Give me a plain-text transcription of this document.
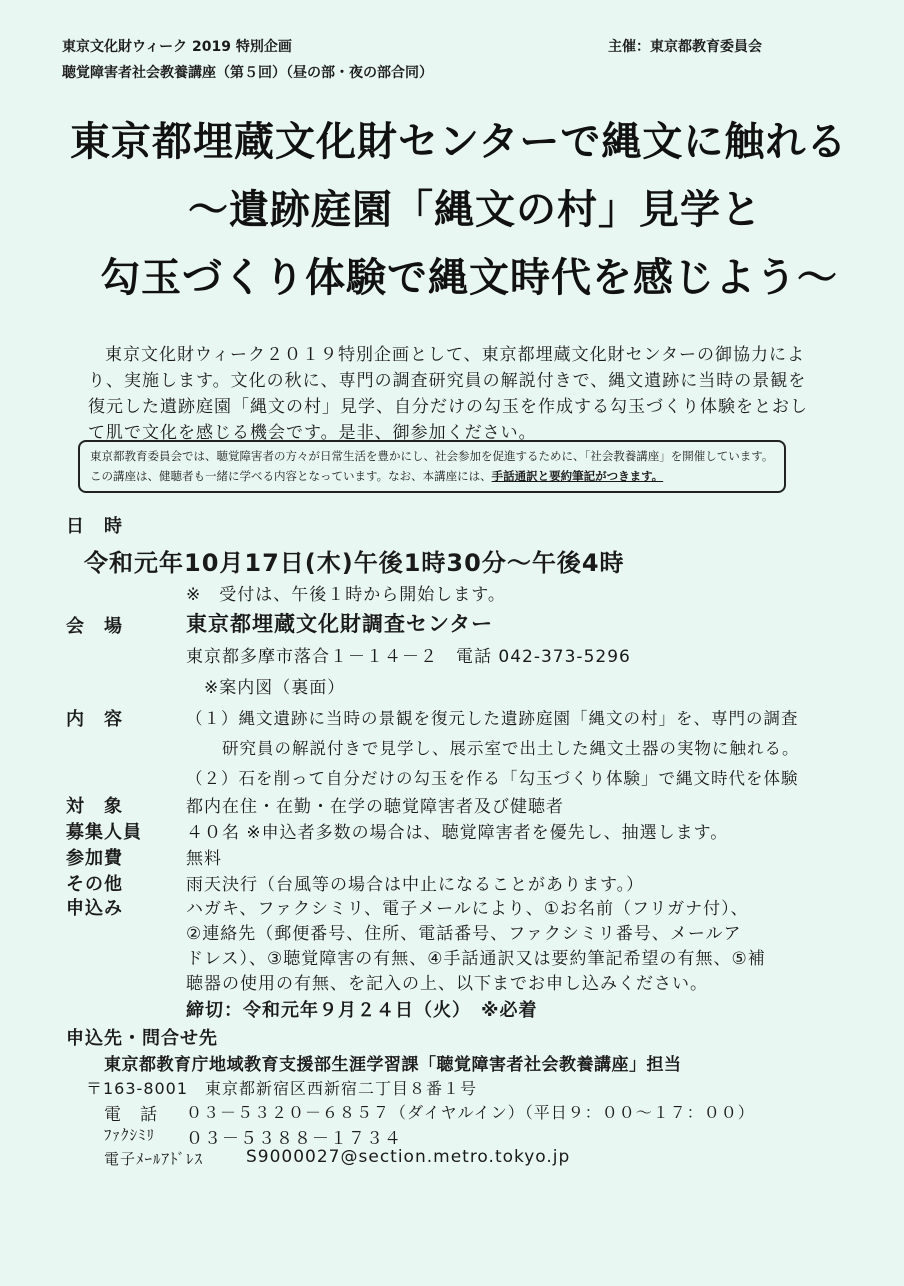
東京文化財ウィーク 2019 特別企画
聴覚障害者社会教養講座（第５回）（昼の部・夜の部合同）
主催：東京都教育委員会
東京都埋蔵文化財センターで縄文に触れる
～遺跡庭園「縄文の村」見学と
勾玉づくり体験で縄文時代を感じよう～

東京文化財ウィーク２０１９特別企画として、東京都埋蔵文化財センターの御協力により、実施します。文化の秋に、専門の調査研究員の解説付きで、縄文遺跡に当時の景観を復元した遺跡庭園「縄文の村」見学、自分だけの勾玉を作成する勾玉づくり体験をとおして肌で文化を感じる機会です。是非、御参加ください。

東京都教育委員会では、聴覚障害者の方々が日常生活を豊かにし、社会参加を促進するために、「社会教養講座」を開催しています。この講座は、健聴者も一緒に学べる内容となっています。なお、本講座には、手話通訳と要約筆記がつきます。
日　時
令和元年10月17日(木)午後1時30分～午後4時
※　受付は、午後１時から開始します。
会　場	東京都埋蔵文化財調査センター
東京都多摩市落合１－１４－２　電話 042-373-5296
※案内図（裏面）
内　容	（１）縄文遺跡に当時の景観を復元した遺跡庭園「縄文の村」を、専門の調査
研究員の解説付きで見学し、展示室で出土した縄文土器の実物に触れる。
（２）石を削って自分だけの勾玉を作る「勾玉づくり体験」で縄文時代を体験
対　象	都内在住・在勤・在学の聴覚障害者及び健聴者
募集人員	４０名 ※申込者多数の場合は、聴覚障害者を優先し、抽選します。
参加費	無料
その他	雨天決行（台風等の場合は中止になることがあります。）
申込み	ハガキ、ファクシミリ、電子メールにより、①お名前（フリガナ付）、
②連絡先（郵便番号、住所、電話番号、ファクシミリ番号、メールア
ドレス）、③聴覚障害の有無、④手話通訳又は要約筆記希望の有無、⑤補
聴器の使用の有無、を記入の上、以下までお申し込みください。
締切：令和元年９月２４日（火）　※必着
申込先・問合せ先
東京都教育庁地域教育支援部生涯学習課「聴覚障害者社会教養講座」担当
〒163-8001　東京都新宿区西新宿二丁目８番１号
電　話 ０３－５３２０－６８５７（ダイヤルイン）（平日９：００～１７：００）
ﾌｧｸｼﾐﾘ ０３－５３８８－１７３４
電子ﾒｰﾙｱﾄﾞﾚｽ	S9000027@section.metro.tokyo.jp
